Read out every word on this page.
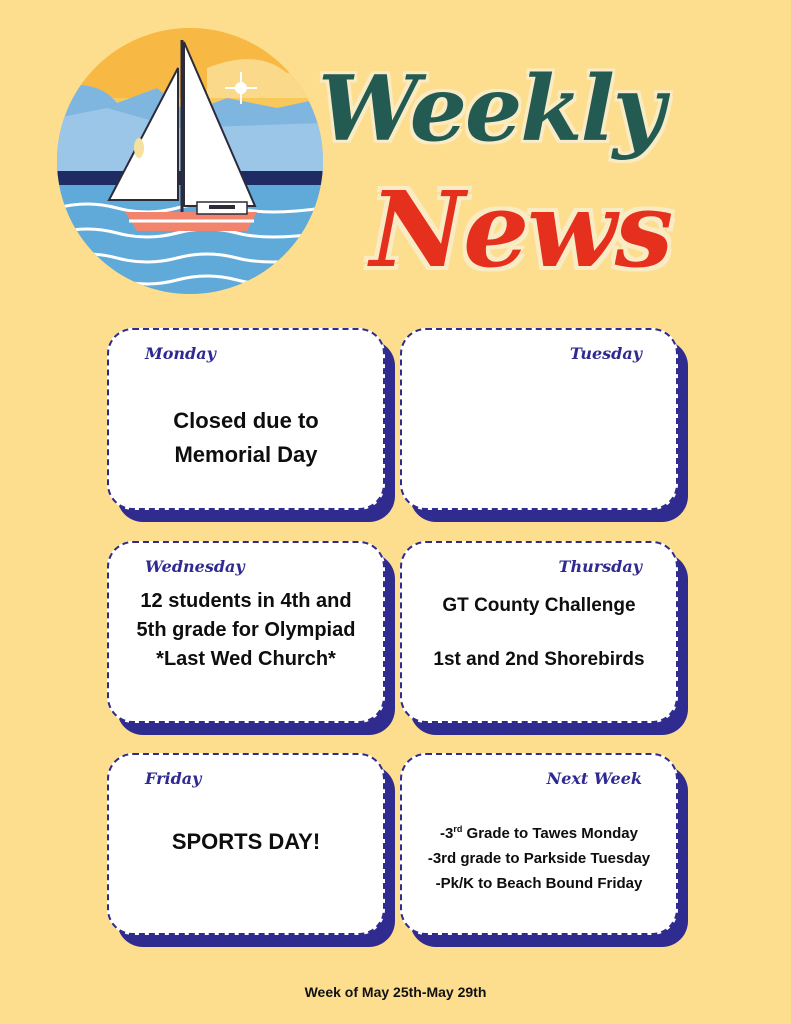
Weekly
News
Monday
Closed due to
Memorial Day
Tuesday
Wednesday
12 students in 4th and
5th grade for Olympiad
*Last Wed Church*
Thursday
GT County Challenge
1st and 2nd Shorebirds
Friday
SPORTS DAY!
Next Week
-3rd Grade to Tawes Monday
-3rd grade to Parkside Tuesday
-Pk/K to Beach Bound Friday
Week of May 25th-May 29th
